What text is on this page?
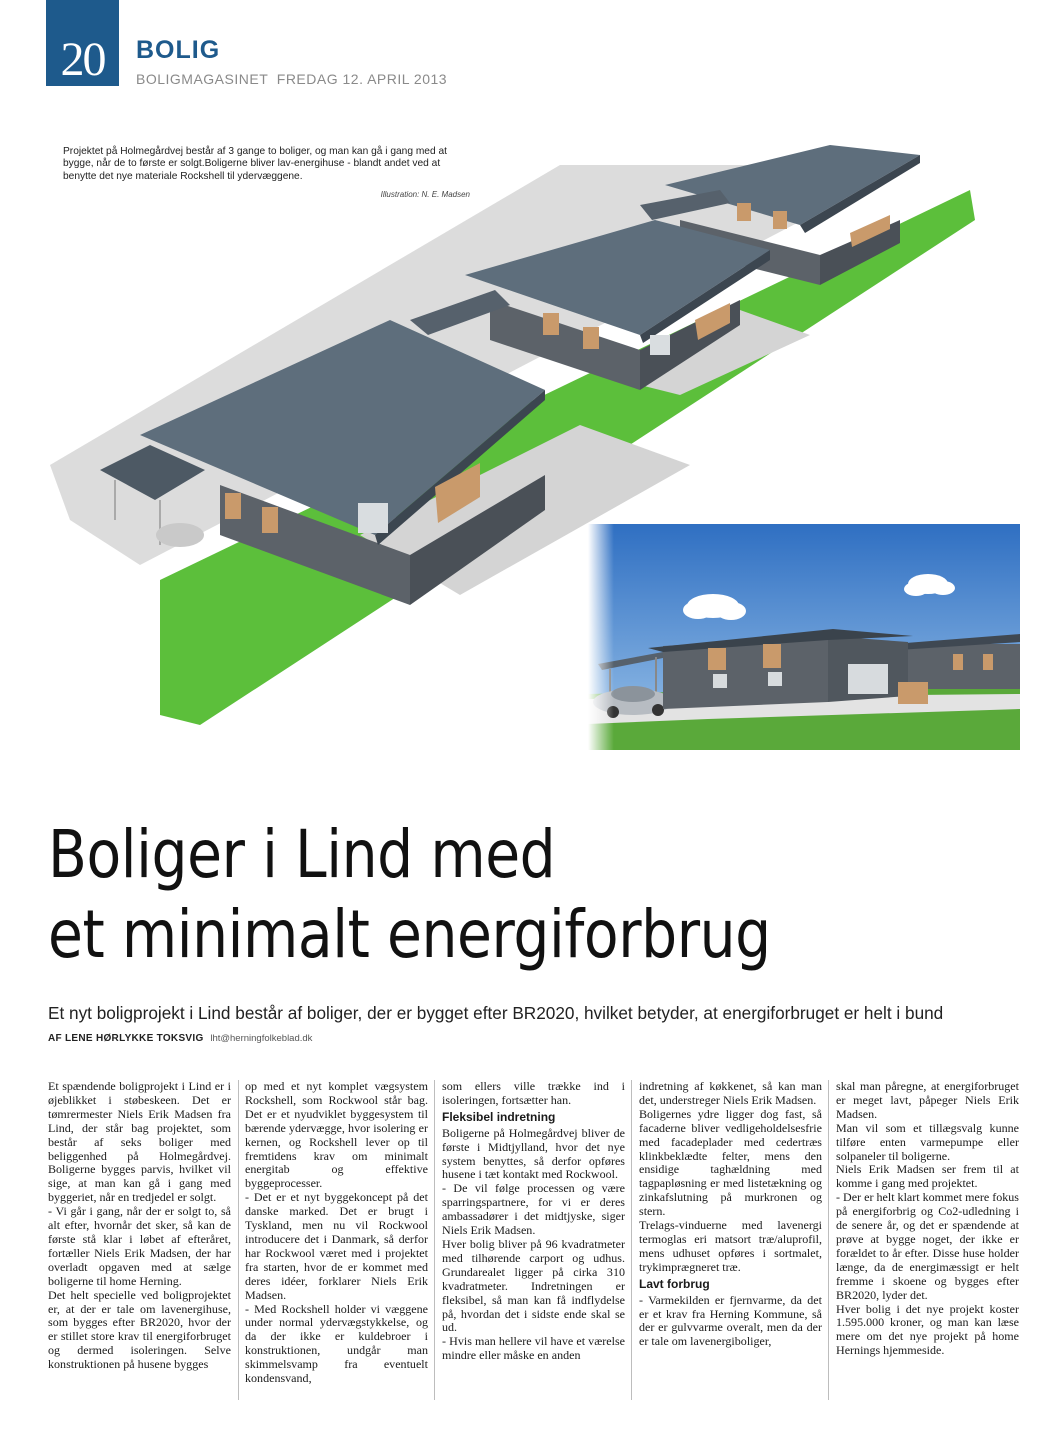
20 BOLIG
BOLIGMAGASINET  FREDAG 12. APRIL 2013
Projektet på Holmegårdvej består af 3 gange to boliger, og man kan gå i gang med at bygge, når de to første er solgt.Boligerne bliver lav-energihuse - blandt andet ved at benytte det nye materiale Rockshell til ydervæggene.
Illustration: N. E. Madsen
Boliger i Lind med
et minimalt energiforbrug
Et nyt boligprojekt i Lind består af boliger, der er bygget efter BR2020, hvilket betyder, at energiforbruget er helt i bund
AF LENE HØRLYKKE TOKSVIG lht@herningfolkeblad.dk

Et spændende boligprojekt i Lind er i øjeblikket i støbeskeen. Det er tømrermester Niels Erik Madsen fra Lind, der står bag projektet, som består af seks boliger med beliggenhed på Holmegårdvej. Boligerne bygges parvis, hvilket vil sige, at man kan gå i gang med byggeriet, når en tredjedel er solgt.

- Vi går i gang, når der er solgt to, så alt efter, hvornår det sker, så kan de første stå klar i løbet af efteråret, fortæller Niels Erik Madsen, der har overladt opgaven med at sælge boligerne til home Herning.

Det helt specielle ved boligprojektet er, at der er tale om lavenergihuse, som bygges efter BR2020, hvor der er stillet store krav til energiforbruget og dermed isoleringen. Selve konstruktionen på husene bygges

op med et nyt komplet vægsystem Rockshell, som Rockwool står bag. Det er et nyudviklet byggesystem til bærende ydervægge, hvor isolering er kernen, og Rockshell lever op til fremtidens krav om minimalt energitab og effektive byggeprocesser.

- Det er et nyt byggekoncept på det danske marked. Det er brugt i Tyskland, men nu vil Rockwool introducere det i Danmark, så derfor har Rockwool været med i projektet fra starten, hvor de er kommet med deres idéer, forklarer Niels Erik Madsen.

- Med Rockshell holder vi væggene under normal ydervægstykkelse, og da der ikke er kuldebroer i konstruktionen, undgår man skimmelsvamp fra eventuelt kondensvand,

som ellers ville trække ind i isoleringen, fortsætter han.

Fleksibel indretning

Boligerne på Holmegårdvej bliver de første i Midtjylland, hvor det nye system benyttes, så derfor opføres husene i tæt kontakt med Rockwool.

- De vil følge processen og være sparringspartnere, for vi er deres ambassadører i det midtjyske, siger Niels Erik Madsen.

Hver bolig bliver på 96 kvadratmeter med tilhørende carport og udhus. Grundarealet ligger på cirka 310 kvadratmeter. Indretningen er fleksibel, så man kan få indflydelse på, hvordan det i sidste ende skal se ud.

- Hvis man hellere vil have et værelse mindre eller måske en anden

indretning af køkkenet, så kan man det, understreger Niels Erik Madsen.

Boligernes ydre ligger dog fast, så facaderne bliver vedligeholdelsesfrie med facadeplader med cedertræs klinkbeklædte felter, mens den ensidige taghældning med tagpapløsning er med listetækning og zinkafslutning på murkronen og stern.

Trelags-vinduerne med lavenergi termoglas eri matsort træ/aluprofil, mens udhuset opføres i sortmalet, trykimprægneret træ.

Lavt forbrug

- Varmekilden er fjernvarme, da det er et krav fra Herning Kommune, så der er gulvvarme overalt, men da der er tale om lavenergiboliger,

skal man påregne, at energiforbruget er meget lavt, påpeger Niels Erik Madsen.

Man vil som et tillægsvalg kunne tilføre enten varmepumpe eller solpaneler til boligerne.

Niels Erik Madsen ser frem til at komme i gang med projektet.

- Der er helt klart kommet mere fokus på energiforbrig og Co2-udledning i de senere år, og det er spændende at prøve at bygge noget, der ikke er forældet to år efter. Disse huse holder længe, da de energimæssigt er helt fremme i skoene og bygges efter BR2020, lyder det.

Hver bolig i det nye projekt koster 1.595.000 kroner, og man kan læse mere om det nye projekt på home Hernings hjemmeside.
